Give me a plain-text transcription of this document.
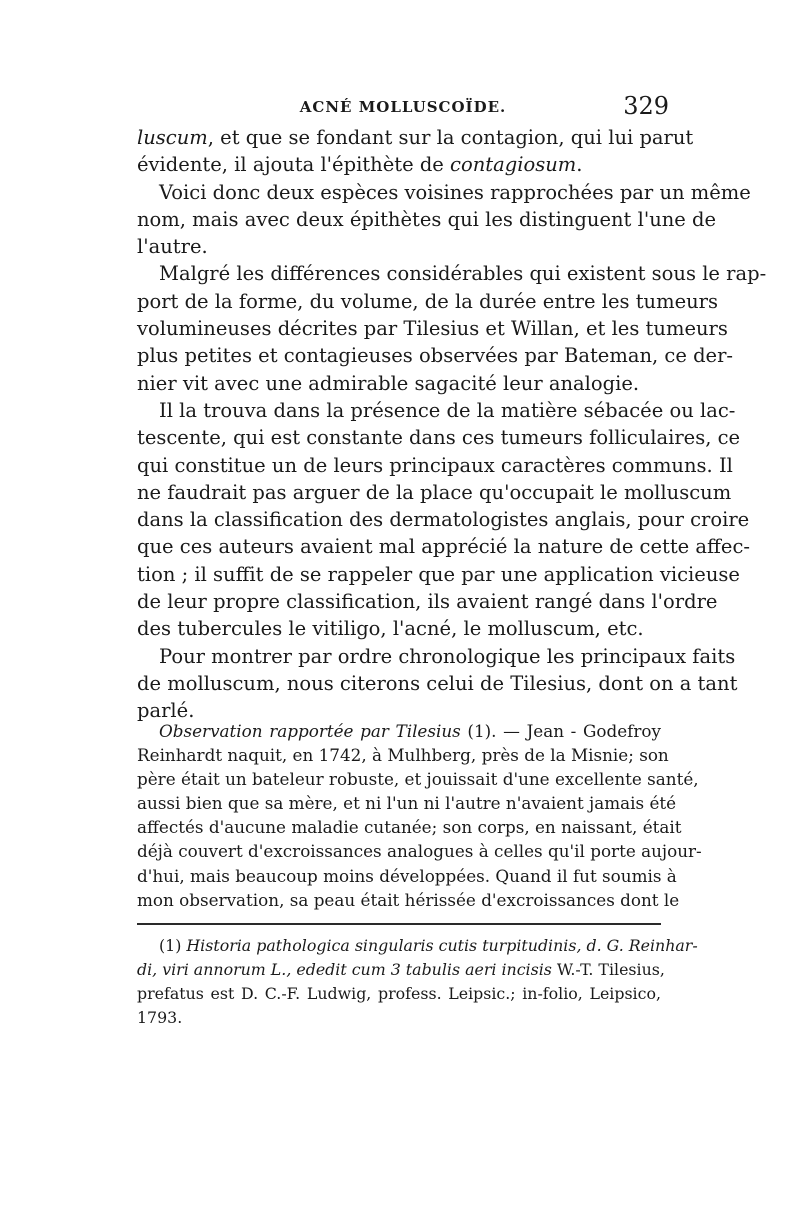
ACNÉ MOLLUSCOÏDE.	329

luscum, et que se fondant sur la contagion, qui lui parut
évidente, il ajouta l'épithète de contagiosum.

Voici donc deux espèces voisines rapprochées par un même
nom, mais avec deux épithètes qui les distinguent l'une de
l'autre.

Malgré les différences considérables qui existent sous le rap-
port de la forme, du volume, de la durée entre les tumeurs
volumineuses décrites par Tilesius et Willan, et les tumeurs
plus petites et contagieuses observées par Bateman, ce der-
nier vit avec une admirable sagacité leur analogie.

Il la trouva dans la présence de la matière sébacée ou lac-
tescente, qui est constante dans ces tumeurs folliculaires, ce
qui constitue un de leurs principaux caractères communs. Il
ne faudrait pas arguer de la place qu'occupait le molluscum
dans la classification des dermatologistes anglais, pour croire
que ces auteurs avaient mal apprécié la nature de cette affec-
tion ; il suffit de se rappeler que par une application vicieuse
de leur propre classification, ils avaient rangé dans l'ordre
des tubercules le vitiligo, l'acné, le molluscum, etc.

Pour montrer par ordre chronologique les principaux faits
de molluscum, nous citerons celui de Tilesius, dont on a tant
parlé.

Observation rapportée par Tilesius (1). — Jean - Godefroy
Reinhardt naquit, en 1742, à Mulhberg, près de la Misnie; son
père était un bateleur robuste, et jouissait d'une excellente santé,
aussi bien que sa mère, et ni l'un ni l'autre n'avaient jamais été
affectés d'aucune maladie cutanée; son corps, en naissant, était
déjà couvert d'excroissances analogues à celles qu'il porte aujour-
d'hui, mais beaucoup moins développées. Quand il fut soumis à
mon observation, sa peau était hérissée d'excroissances dont le
(1) Historia pathologica singularis cutis turpitudinis, d. G. Reinhar-
di, viri annorum L., ededit cum 3 tabulis aeri incisis W.-T. Tilesius,
prefatus est D. C.-F. Ludwig, profess. Leipsic.; in-folio, Leipsico,
1793.
